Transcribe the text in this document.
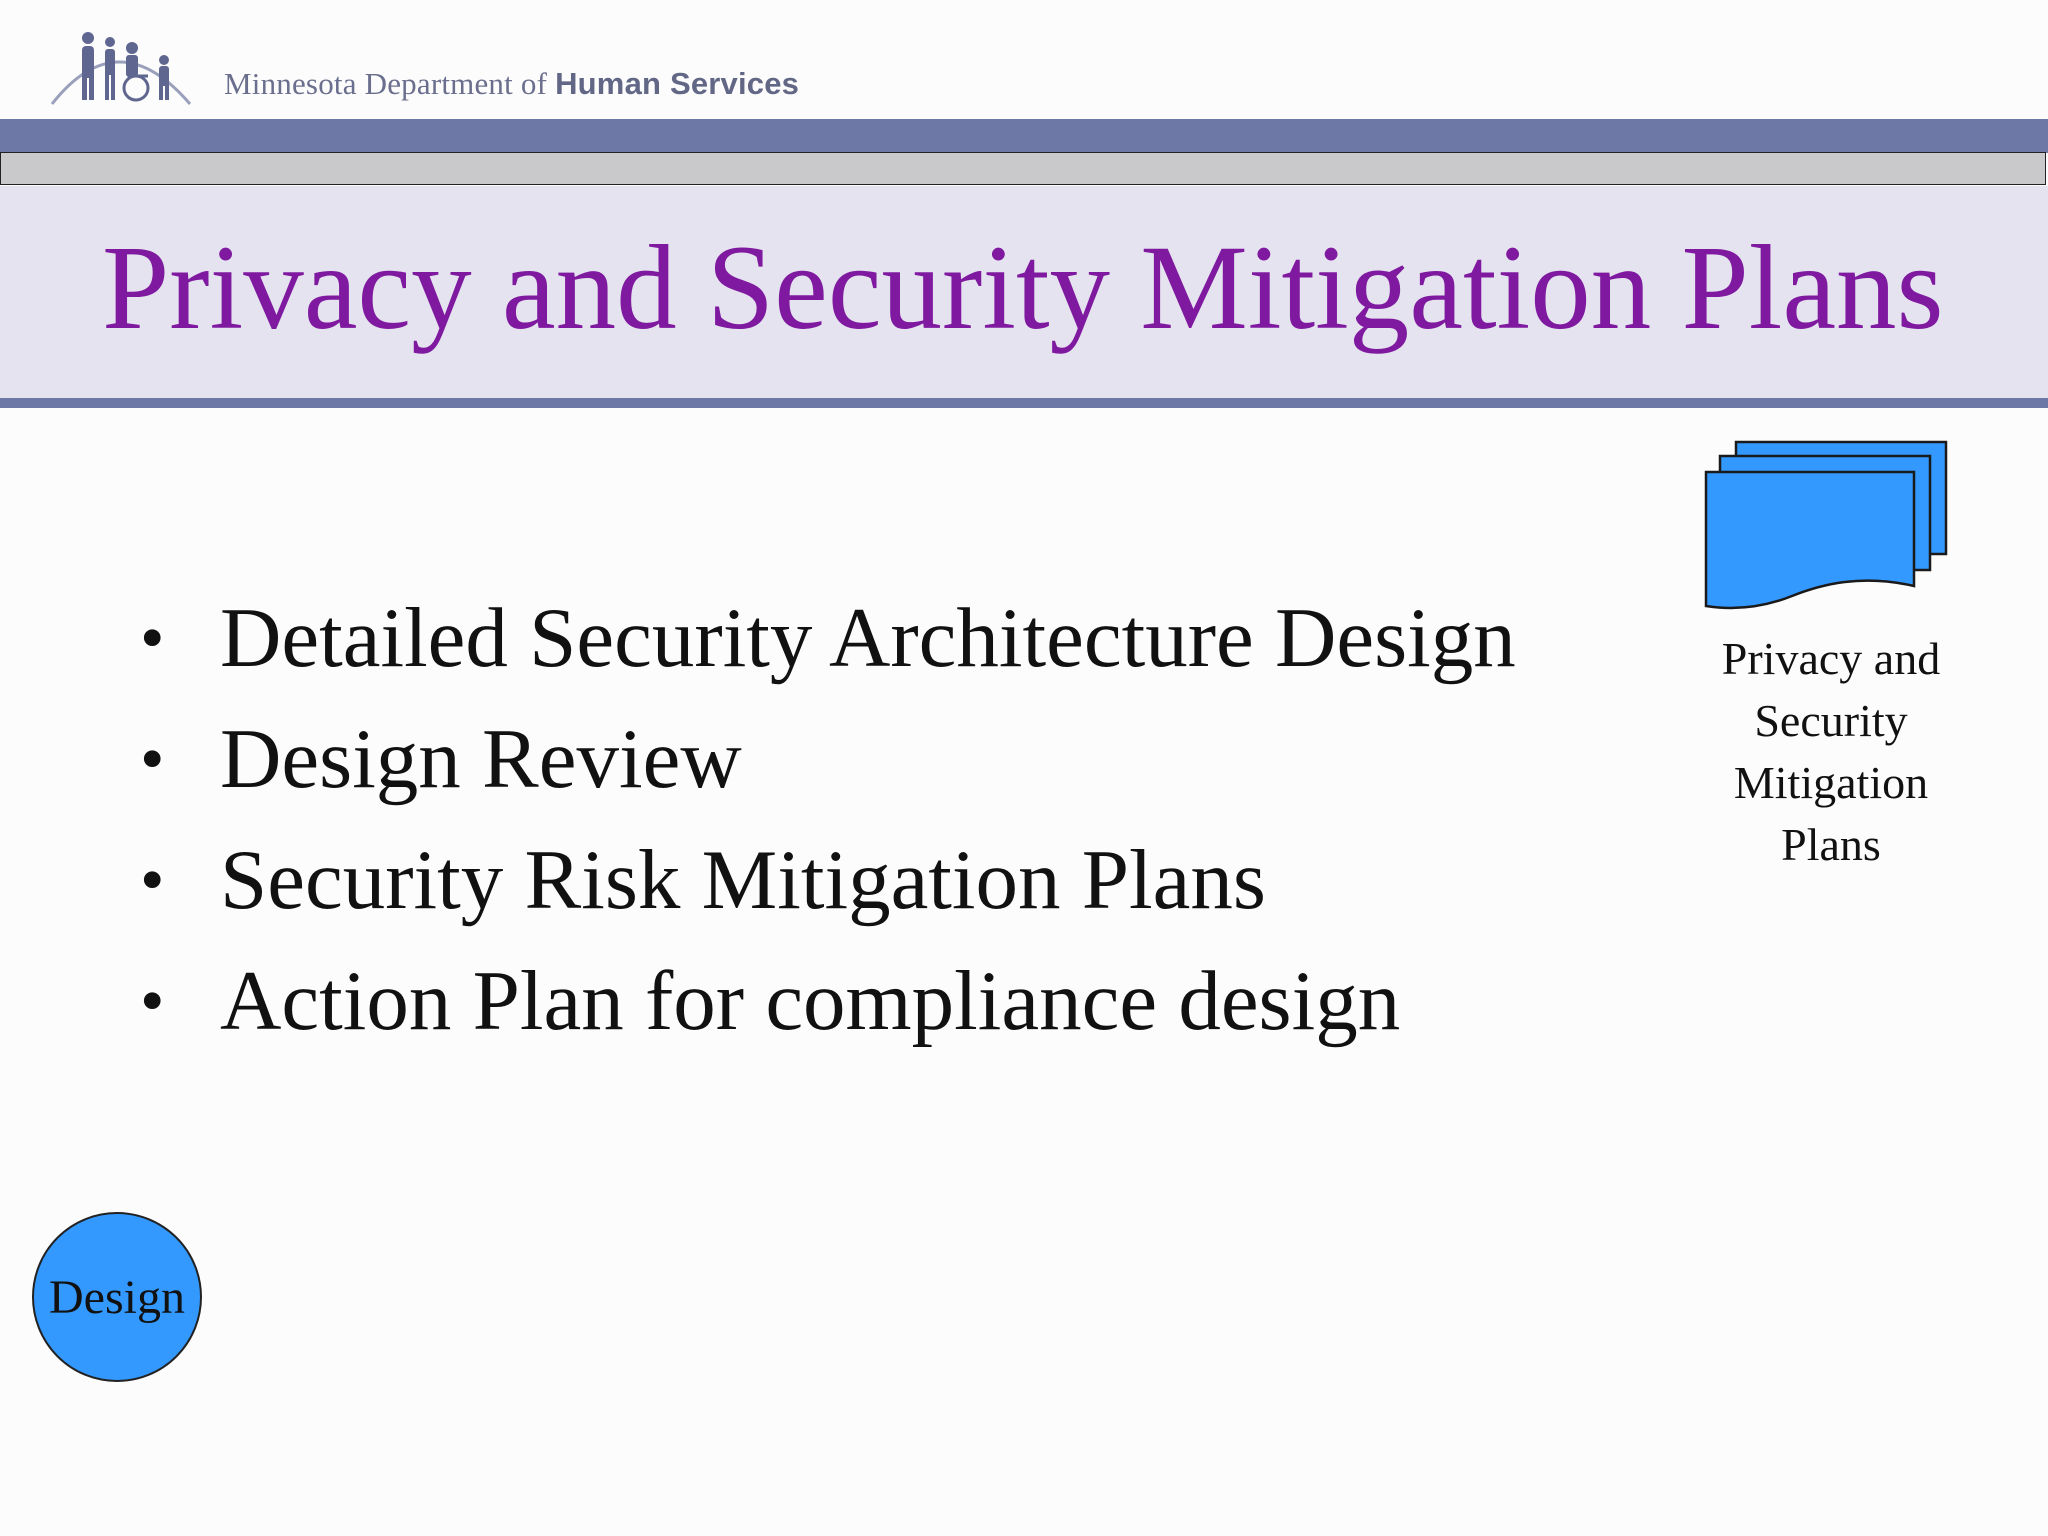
Minnesota Department of Human Services
Privacy and Security Mitigation Plans
• Detailed Security Architecture Design
• Design Review
• Security Risk Mitigation Plans
• Action Plan for compliance design
Privacy and
Security
Mitigation
Plans
Design
